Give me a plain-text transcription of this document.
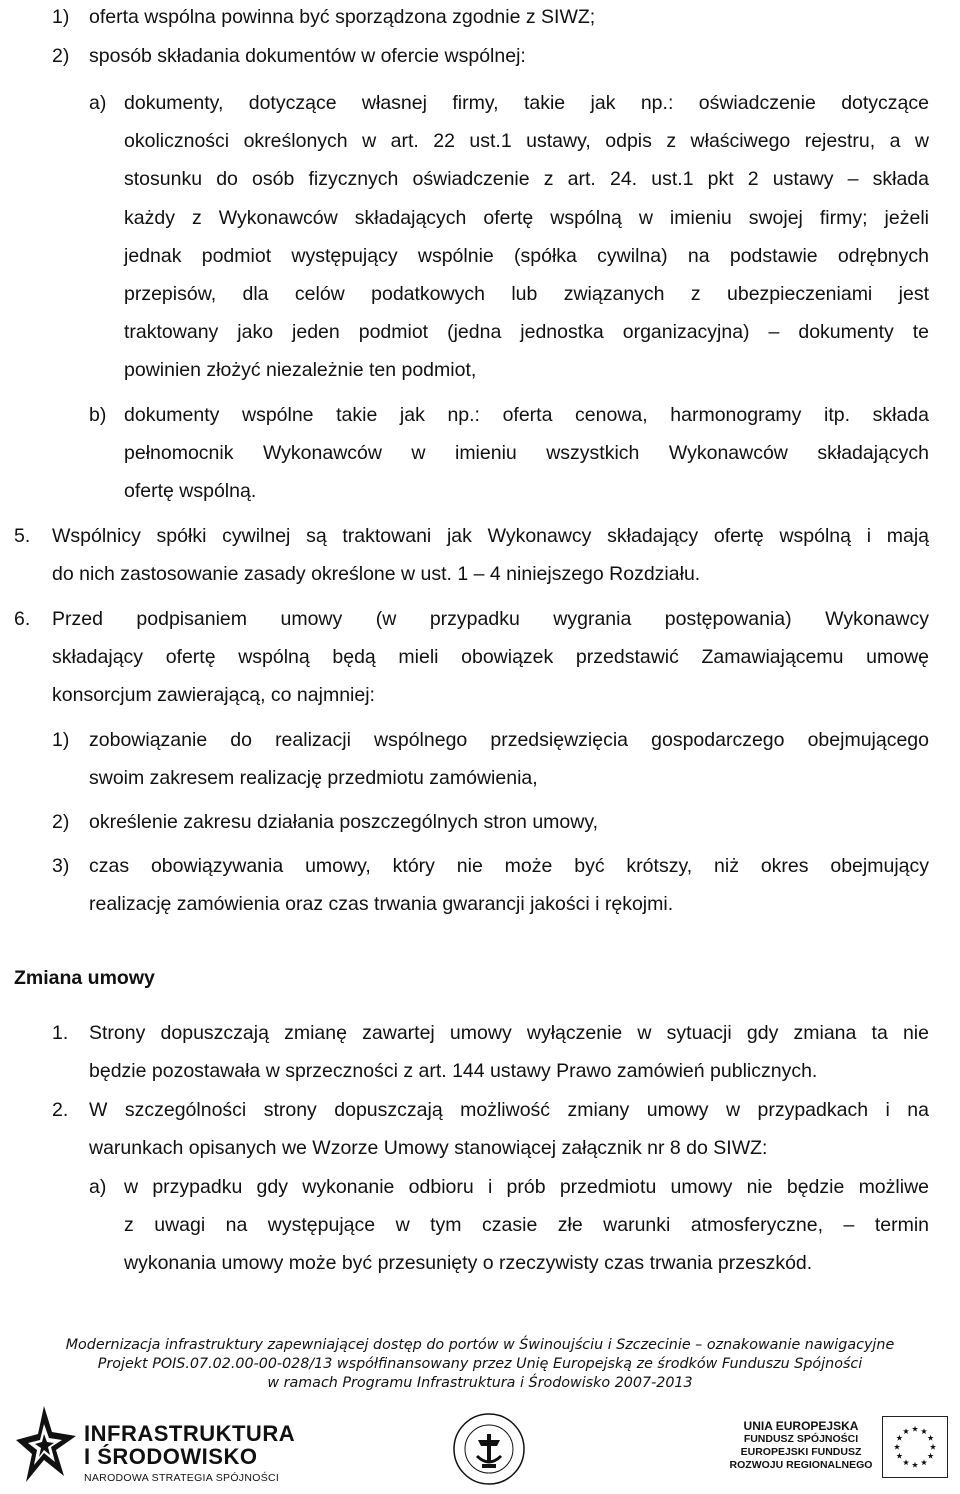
1) oferta wspólna powinna być sporządzona zgodnie z SIWZ;
2) sposób składania dokumentów w ofercie wspólnej:
a) dokumenty, dotyczące własnej firmy, takie jak np.: oświadczenie dotyczące
okoliczności określonych w art. 22 ust.1 ustawy, odpis z właściwego rejestru, a w
stosunku do osób fizycznych oświadczenie z art. 24. ust.1 pkt 2 ustawy – składa
każdy z Wykonawców składających ofertę wspólną w imieniu swojej firmy; jeżeli
jednak podmiot występujący wspólnie (spółka cywilna) na podstawie odrębnych
przepisów, dla celów podatkowych lub związanych z ubezpieczeniami jest
traktowany jako jeden podmiot (jedna jednostka organizacyjna) – dokumenty te
powinien złożyć niezależnie ten podmiot,
b) dokumenty wspólne takie jak np.: oferta cenowa, harmonogramy itp. składa
pełnomocnik Wykonawców w imieniu wszystkich Wykonawców składających
ofertę wspólną.
5. Wspólnicy spółki cywilnej są traktowani jak Wykonawcy składający ofertę wspólną i mają
do nich zastosowanie zasady określone w ust. 1 – 4 niniejszego Rozdziału.
6. Przed podpisaniem umowy (w przypadku wygrania postępowania) Wykonawcy
składający ofertę wspólną będą mieli obowiązek przedstawić Zamawiającemu umowę
konsorcjum zawierającą, co najmniej:
1) zobowiązanie do realizacji wspólnego przedsięwzięcia gospodarczego obejmującego
swoim zakresem realizację przedmiotu zamówienia,
2) określenie zakresu działania poszczególnych stron umowy,
3) czas obowiązywania umowy, który nie może być krótszy, niż okres obejmujący
realizację zamówienia oraz czas trwania gwarancji jakości i rękojmi.
Zmiana umowy
1. Strony dopuszczają zmianę zawartej umowy wyłączenie w sytuacji gdy zmiana ta nie
będzie pozostawała w sprzeczności z art. 144 ustawy Prawo zamówień publicznych.
2. W szczególności strony dopuszczają możliwość zmiany umowy w przypadkach i na
warunkach opisanych we Wzorze Umowy stanowiącej załącznik nr 8 do SIWZ:
a) w przypadku gdy wykonanie odbioru i prób przedmiotu umowy nie będzie możliwe
z uwagi na występujące w tym czasie złe warunki atmosferyczne, – termin
wykonania umowy może być przesunięty o rzeczywisty czas trwania przeszkód.
Modernizacja infrastruktury zapewniającej dostęp do portów w Świnoujściu i Szczecinie – oznakowanie nawigacyjne
Projekt POIS.07.02.00-00-028/13 współfinansowany przez Unię Europejską ze środków Funduszu Spójności
w ramach Programu Infrastruktura i Środowisko 2007-2013
INFRASTRUKTURA
I ŚRODOWISKO
NARODOWA STRATEGIA SPÓJNOŚCI
UNIA EUROPEJSKA
FUNDUSZ SPÓJNOŚCI
EUROPEJSKI FUNDUSZ
ROZWOJU REGIONALNEGO
